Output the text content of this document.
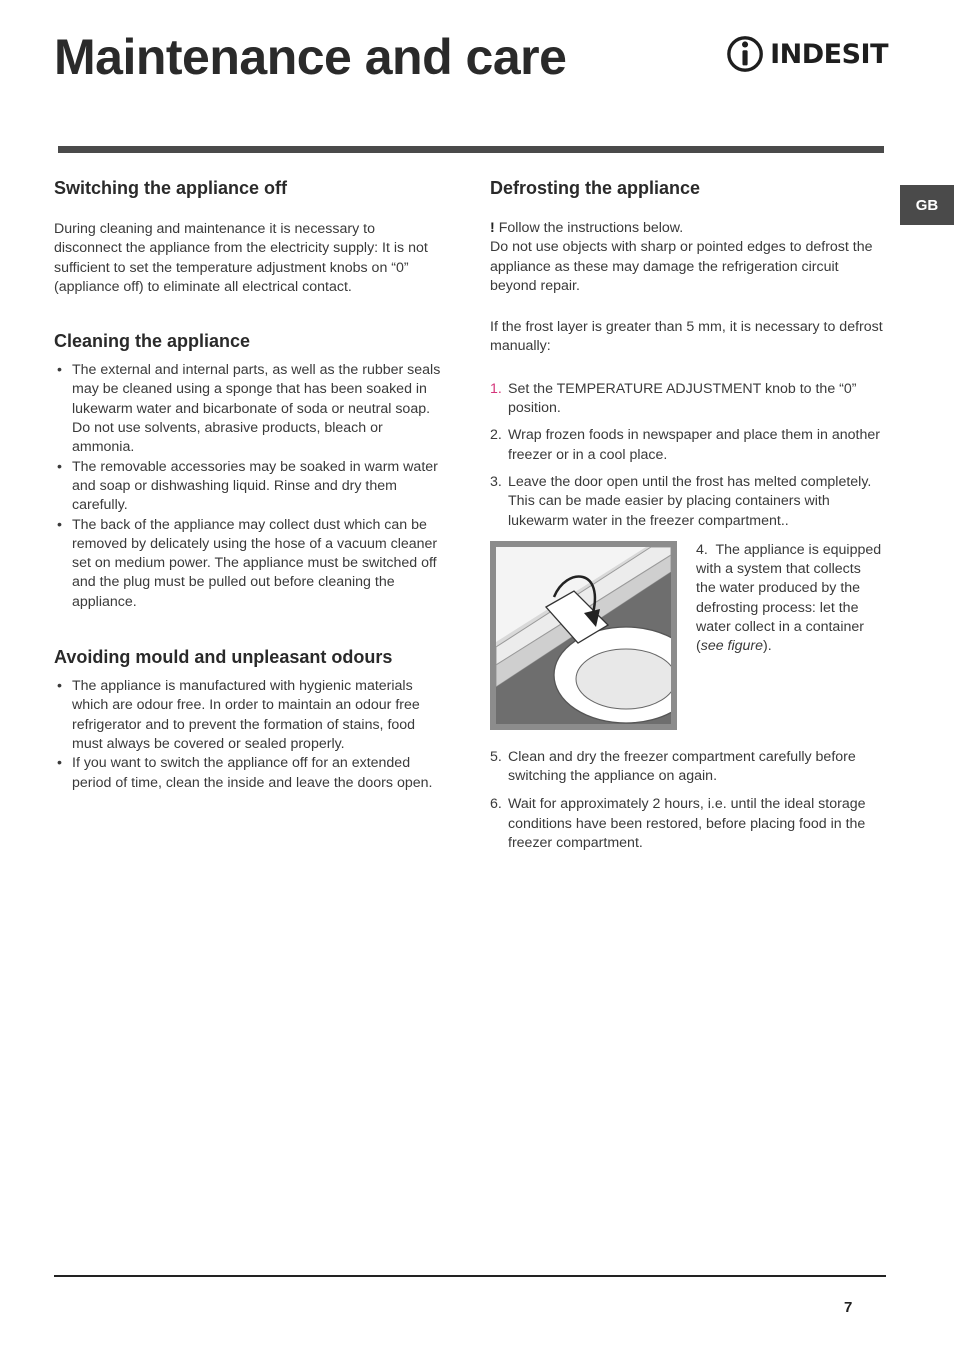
Maintenance and care	INDESIT
GB
Switching the appliance off

During cleaning and maintenance it is necessary to disconnect the appliance from the electricity supply: It is not sufficient to set the temperature adjustment knobs on “0” (appliance off) to eliminate all electrical contact.

Cleaning the appliance
• The external and internal parts, as well as the rubber seals may be cleaned using a sponge that has been soaked in lukewarm water and bicarbonate of soda or neutral soap. Do not use solvents, abrasive products, bleach or ammonia.
• The removable accessories may be soaked in warm water and soap or dishwashing liquid. Rinse and dry them carefully.
• The back of the appliance may collect dust which can be removed by delicately using the hose of a vacuum cleaner set on medium power. The appliance must be switched off and the plug must be pulled out before cleaning the appliance.
Avoiding mould and unpleasant odours
• The appliance is manufactured with hygienic materials which are odour free. In order to maintain an odour free refrigerator and to prevent the formation of stains, food must always be covered or sealed properly.
• If you want to switch the appliance off for an extended period of time, clean the inside and leave the doors open.
Defrosting the appliance

! Follow the instructions below.

Do not use objects with sharp or pointed edges to defrost the appliance as these may damage the refrigeration circuit beyond repair.

If the frost layer is greater than 5 mm, it is necessary to defrost manually:

1. Set the TEMPERATURE ADJUSTMENT knob to the “0” position.
2. Wrap frozen foods in newspaper and place them in another freezer or in a cool place.
3. Leave the door open until the frost has melted completely. This can be made easier by placing containers with lukewarm water in the freezer compartment..

4. The appliance is equipped with a system that collects the water produced by the defrosting process: let the water collect in a container (see figure).

5. Clean and dry the freezer compartment carefully before switching the appliance on again.
6. Wait for approximately 2 hours, i.e. until the ideal storage conditions have been restored, before placing food in the freezer compartment.
7
